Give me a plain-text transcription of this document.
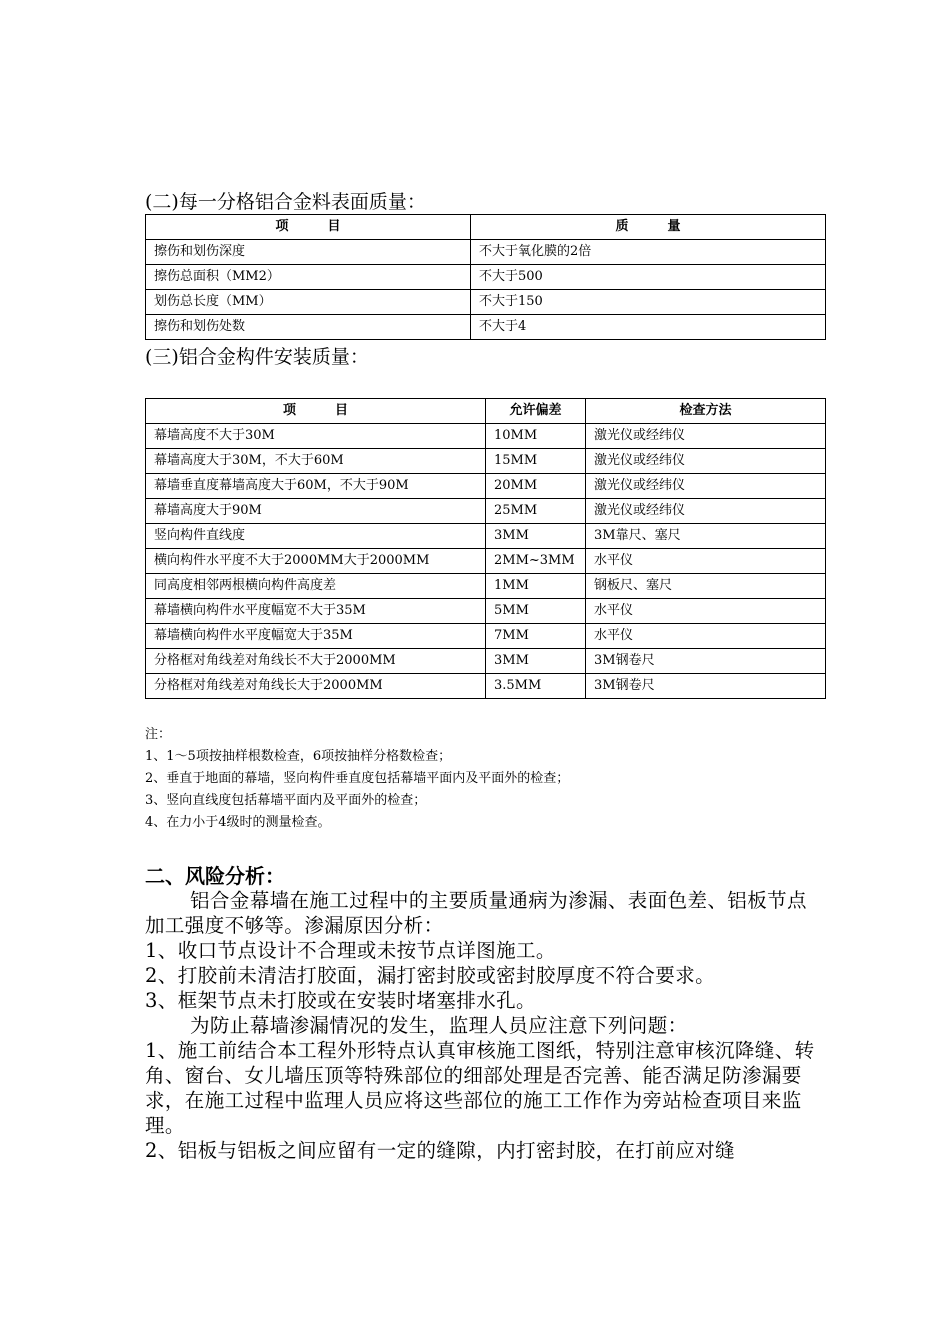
(二)每一分格铝合金料表面质量：
项　　　目	质　　　量
擦伤和划伤深度	不大于氧化膜的2倍
擦伤总面积（MM2）	不大于500
划伤总长度（MM）	不大于150
擦伤和划伤处数	不大于4
(三)铝合金构件安装质量：
项　　　目	允许偏差	检查方法
幕墙高度不大于30M	10MM	激光仪或经纬仪
幕墙高度大于30M，不大于60M	15MM	激光仪或经纬仪
幕墙垂直度幕墙高度大于60M，不大于90M	20MM	激光仪或经纬仪
幕墙高度大于90M	25MM	激光仪或经纬仪
竖向构件直线度	3MM	3M靠尺、塞尺
横向构件水平度不大于2000MM大于2000MM	2MM~3MM	水平仪
同高度相邻两根横向构件高度差	1MM	钢板尺、塞尺
幕墙横向构件水平度幅宽不大于35M	5MM	水平仪
幕墙横向构件水平度幅宽大于35M	7MM	水平仪
分格框对角线差对角线长不大于2000MM	3MM	3M钢卷尺
分格框对角线差对角线长大于2000MM	3.5MM	3M钢卷尺
注：
1、1～5项按抽样根数检查，6项按抽样分格数检查；
2、垂直于地面的幕墙，竖向构件垂直度包括幕墙平面内及平面外的检查；
3、竖向直线度包括幕墙平面内及平面外的检查；
4、在力小于4级时的测量检查。
二、风险分析：

铝合金幕墙在施工过程中的主要质量通病为渗漏、表面色差、铝板节点加工强度不够等。渗漏原因分析：

1、收口节点设计不合理或未按节点详图施工。

2、打胶前未清洁打胶面，漏打密封胶或密封胶厚度不符合要求。

3、框架节点未打胶或在安装时堵塞排水孔。

为防止幕墙渗漏情况的发生，监理人员应注意下列问题：

1、施工前结合本工程外形特点认真审核施工图纸，特别注意审核沉降缝、转角、窗台、女儿墙压顶等特殊部位的细部处理是否完善、能否满足防渗漏要求，在施工过程中监理人员应将这些部位的施工工作作为旁站检查项目来监理。

2、铝板与铝板之间应留有一定的缝隙，内打密封胶，在打前应对缝
